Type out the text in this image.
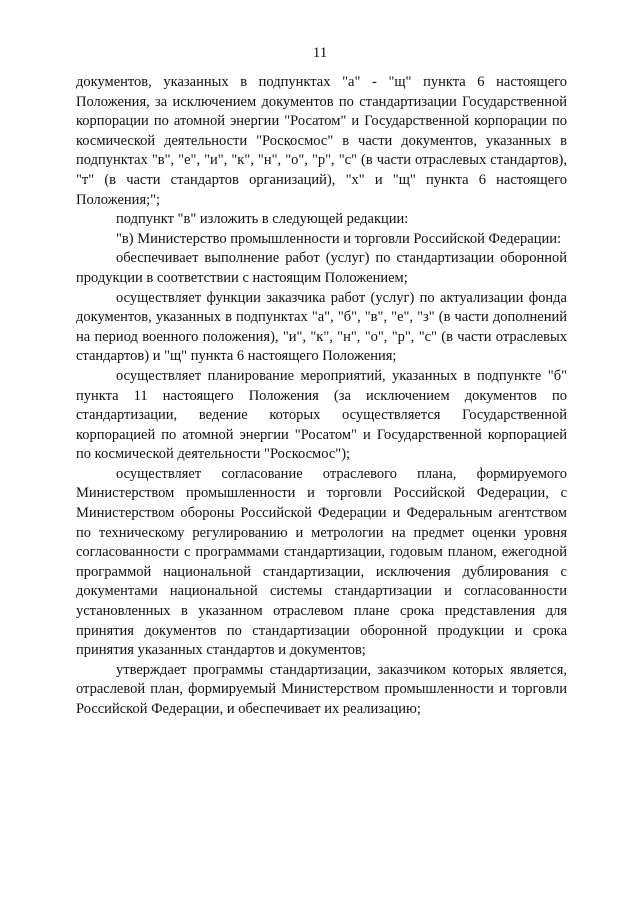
11

документов, указанных в подпунктах "а" - "щ" пункта 6 настоящего Положения, за исключением документов по стандартизации Государственной корпорации по атомной энергии "Росатом" и Государственной корпорации по космической деятельности "Роскосмос" в части документов, указанных в подпунктах "в", "е", "и", "к", "н", "о", "р", "с" (в части отраслевых стандартов), "т" (в части стандартов организаций), "х" и "щ" пункта 6 настоящего Положения;";

подпункт "в" изложить в следующей редакции:

"в) Министерство промышленности и торговли Российской Федерации:

обеспечивает выполнение работ (услуг) по стандартизации оборонной продукции в соответствии с настоящим Положением;

осуществляет функции заказчика работ (услуг) по актуализации фонда документов, указанных в подпунктах "а", "б", "в", "е", "з" (в части дополнений на период военного положения), "и", "к", "н", "о", "р", "с" (в части отраслевых стандартов) и "щ" пункта 6 настоящего Положения;

осуществляет планирование мероприятий, указанных в подпункте "б" пункта 11 настоящего Положения (за исключением документов по стандартизации, ведение которых осуществляется Государственной корпорацией по атомной энергии "Росатом" и Государственной корпорацией по космической деятельности "Роскосмос");

осуществляет согласование отраслевого плана, формируемого Министерством промышленности и торговли Российской Федерации, с Министерством обороны Российской Федерации и Федеральным агентством по техническому регулированию и метрологии на предмет оценки уровня согласованности с программами стандартизации, годовым планом, ежегодной программой национальной стандартизации, исключения дублирования с документами национальной системы стандартизации и согласованности установленных в указанном отраслевом плане срока представления для принятия документов по стандартизации оборонной продукции и срока принятия указанных стандартов и документов;

утверждает программы стандартизации, заказчиком которых является, отраслевой план, формируемый Министерством промышленности и торговли Российской Федерации, и обеспечивает их реализацию;
